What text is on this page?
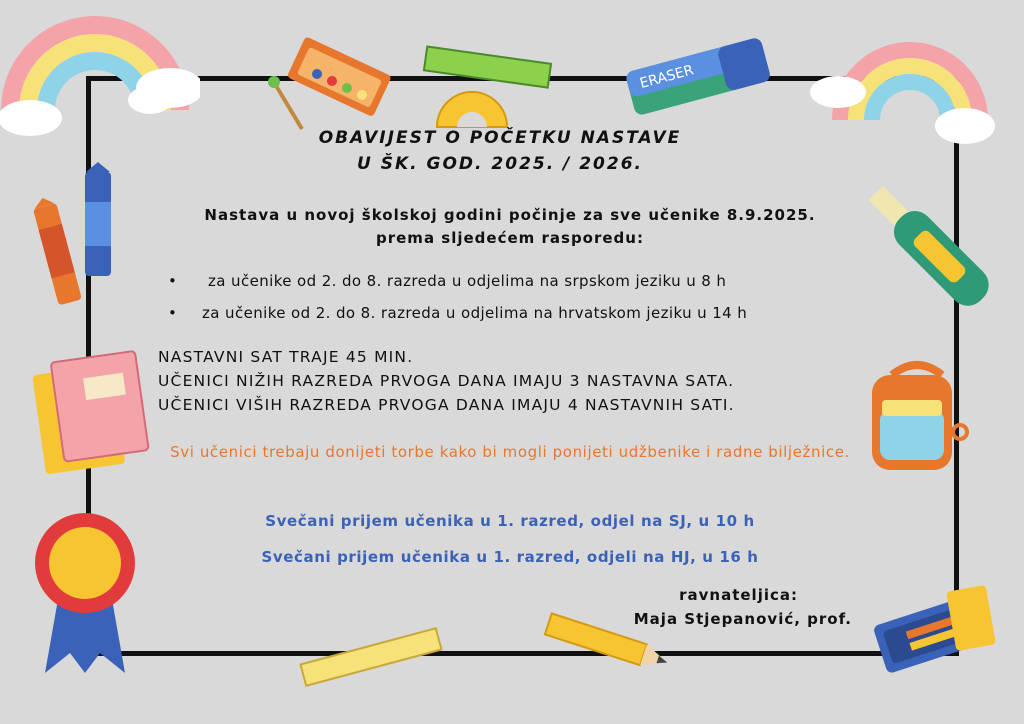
ERASER
OBAVIJEST O POČETKU NASTAVE
U ŠK. GOD. 2025. / 2026.
Nastava u novoj školskoj godini počinje za sve učenike 8.9.2025.
prema sljedećem rasporedu:
• za učenike od 2. do 8. razreda u odjelima na srpskom jeziku u 8 h
• za učenike od 2. do 8. razreda u odjelima na hrvatskom jeziku u 14 h
NASTAVNI SAT TRAJE 45 MIN.
UČENICI NIŽIH RAZREDA PRVOGA DANA IMAJU 3 NASTAVNA SATA.
UČENICI VIŠIH RAZREDA PRVOGA DANA IMAJU 4 NASTAVNIH SATI.
Svi učenici trebaju donijeti torbe kako bi mogli ponijeti udžbenike i radne bilježnice.
Svečani prijem učenika u 1. razred, odjel na SJ, u 10 h
Svečani prijem učenika u 1. razred, odjeli na HJ, u 16 h
ravnateljica:
Maja Stjepanović, prof.
